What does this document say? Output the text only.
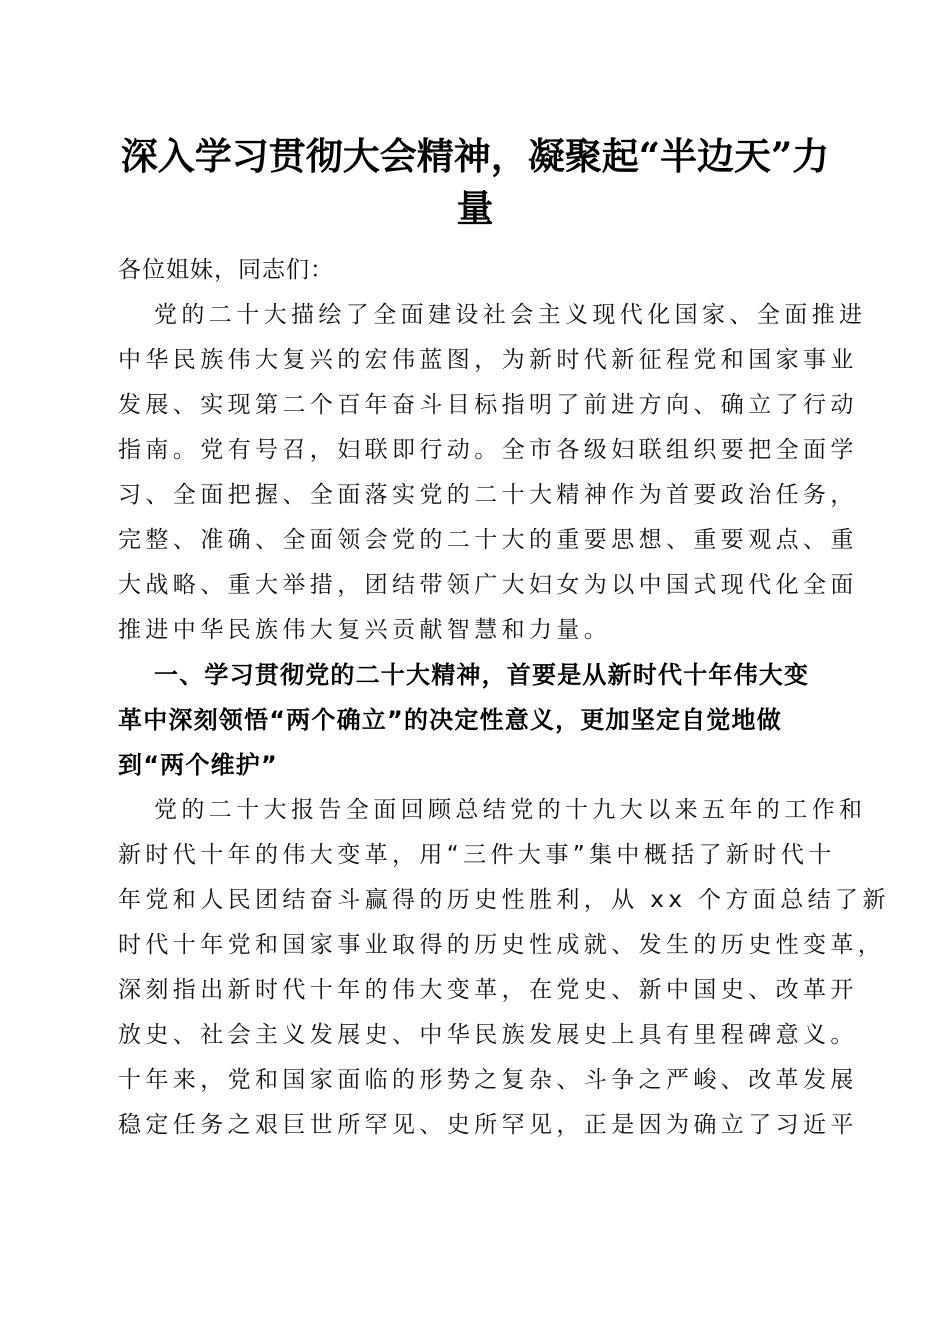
深入学习贯彻大会精神，凝聚起“半边天”力
量
各位姐妹，同志们：
党的二十大描绘了全面建设社会主义现代化国家、全面推进
中华民族伟大复兴的宏伟蓝图，为新时代新征程党和国家事业
发展、实现第二个百年奋斗目标指明了前进方向、确立了行动
指南。党有号召，妇联即行动。全市各级妇联组织要把全面学
习、全面把握、全面落实党的二十大精神作为首要政治任务，
完整、准确、全面领会党的二十大的重要思想、重要观点、重
大战略、重大举措，团结带领广大妇女为以中国式现代化全面
推进中华民族伟大复兴贡献智慧和力量。
一、学习贯彻党的二十大精神，首要是从新时代十年伟大变
革中深刻领悟“两个确立”的决定性意义，更加坚定自觉地做
到“两个维护”
党的二十大报告全面回顾总结党的十九大以来五年的工作和
新时代十年的伟大变革，用“三件大事”集中概括了新时代十
年党和人民团结奋斗赢得的历史性胜利，从 xx 个方面总结了新
时代十年党和国家事业取得的历史性成就、发生的历史性变革，
深刻指出新时代十年的伟大变革，在党史、新中国史、改革开
放史、社会主义发展史、中华民族发展史上具有里程碑意义。
十年来，党和国家面临的形势之复杂、斗争之严峻、改革发展
稳定任务之艰巨世所罕见、史所罕见，正是因为确立了习近平
